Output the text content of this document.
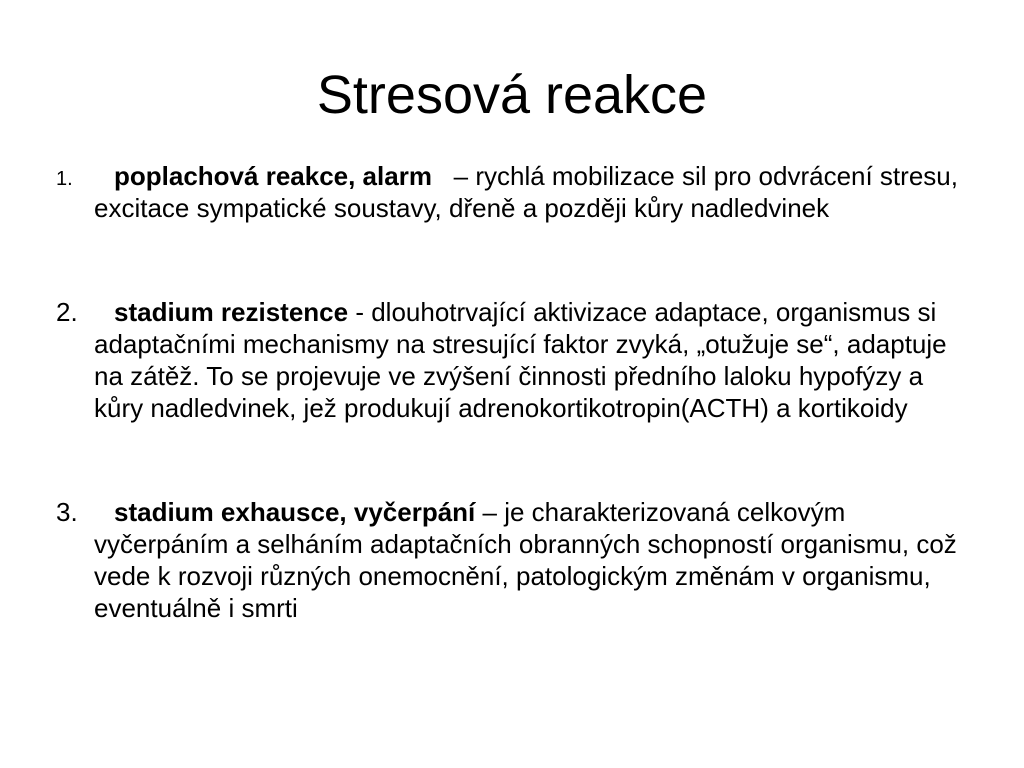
Stresová reakce
1. poplachová reakce, alarm – rychlá mobilizace sil pro odvrácení stresu, excitace sympatické soustavy, dřeně a později kůry nadledvinek
2. stadium rezistence - dlouhotrvající aktivizace adaptace, organismus si adaptačními mechanismy na stresující faktor zvyká, „otužuje se“, adaptuje na zátěž. To se projevuje ve zvýšení činnosti předního laloku hypofýzy a kůry nadledvinek, jež produkují adrenokortikotropin(ACTH) a kortikoidy
3. stadium exhausce, vyčerpání – je charakterizovaná celkovým vyčerpáním a selháním adaptačních obranných schopností organismu, což vede k rozvoji různých onemocnění, patologickým změnám v organismu, eventuálně i smrti
